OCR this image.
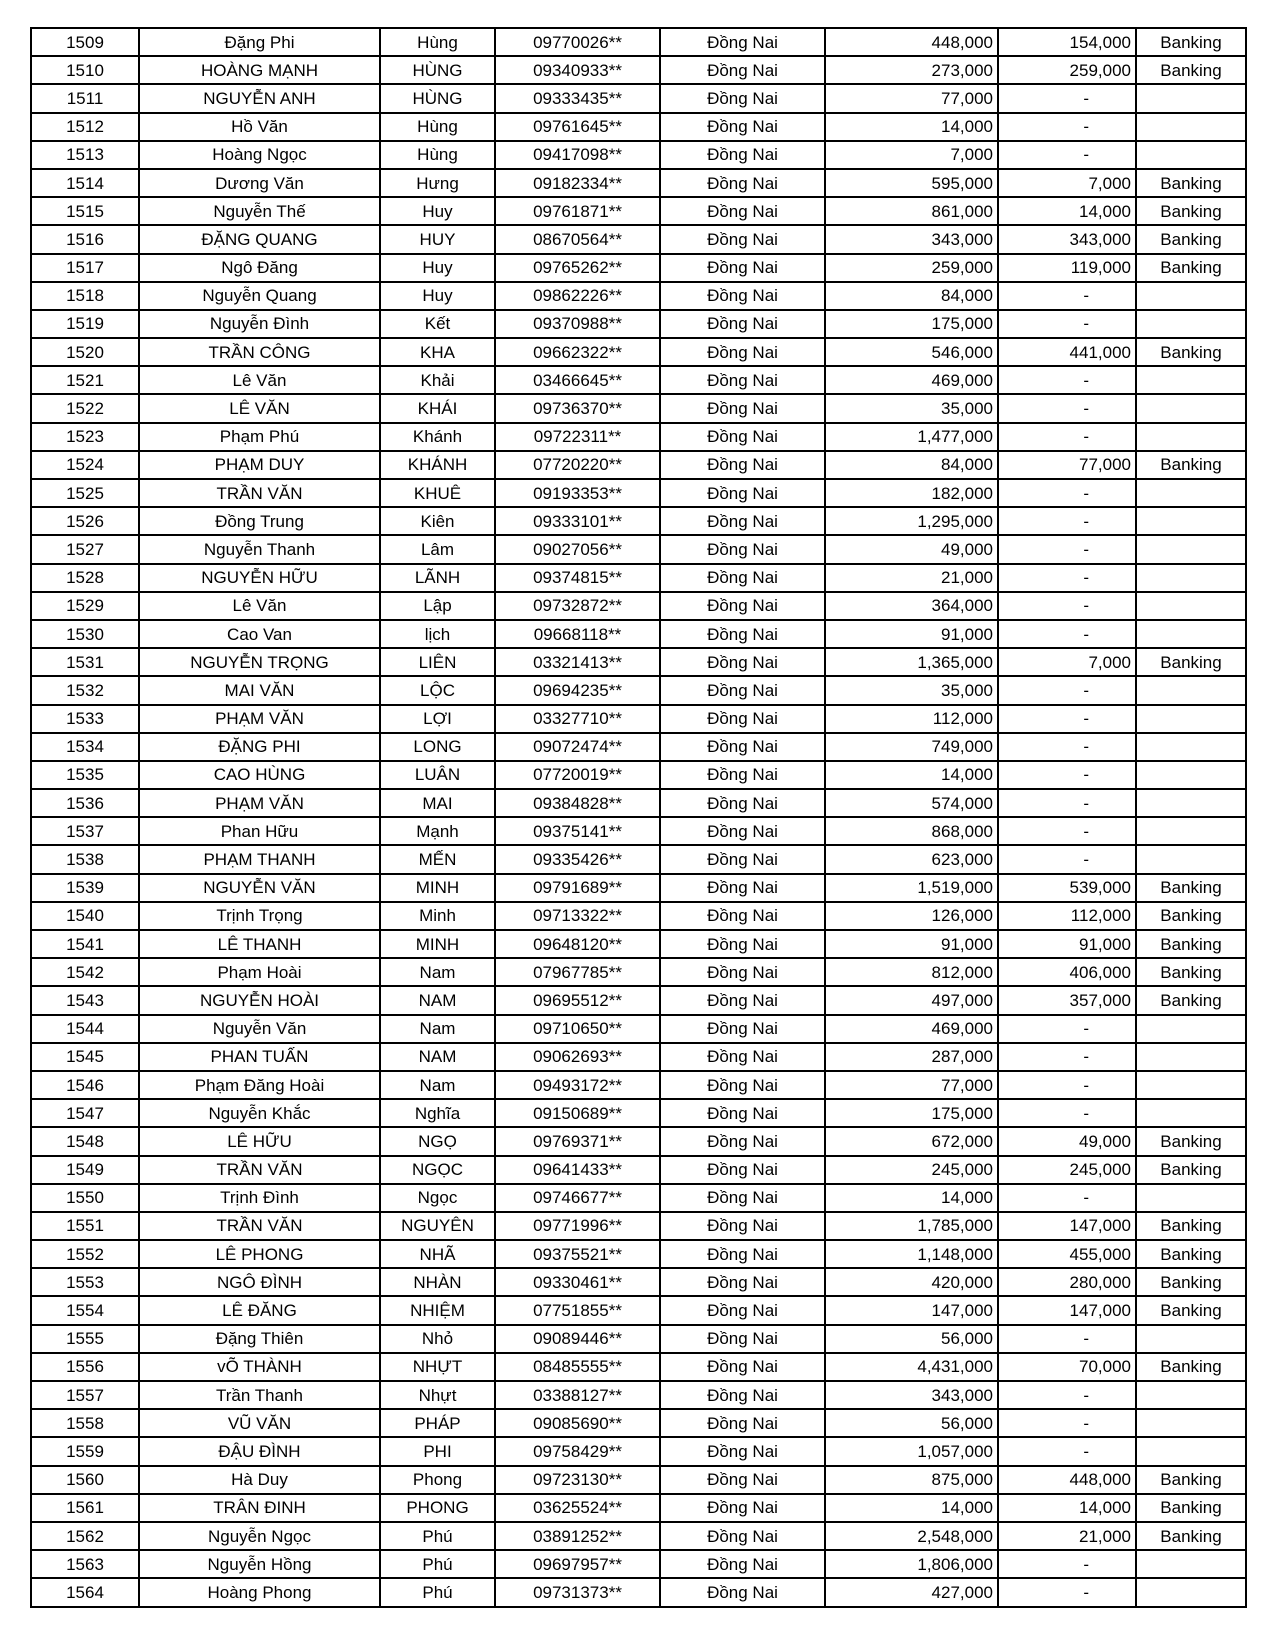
1509	Đặng Phi	Hùng	09770026**	Đồng Nai	448,000	154,000	Banking
1510	HOÀNG MẠNH	HÙNG	09340933**	Đồng Nai	273,000	259,000	Banking
1511	NGUYỄN ANH	HÙNG	09333435**	Đồng Nai	77,000	-	
1512	Hồ Văn	Hùng	09761645**	Đồng Nai	14,000	-	
1513	Hoàng Ngọc	Hùng	09417098**	Đồng Nai	7,000	-	
1514	Dương Văn	Hưng	09182334**	Đồng Nai	595,000	7,000	Banking
1515	Nguyễn Thế	Huy	09761871**	Đồng Nai	861,000	14,000	Banking
1516	ĐẶNG QUANG	HUY	08670564**	Đồng Nai	343,000	343,000	Banking
1517	Ngô Đăng	Huy	09765262**	Đồng Nai	259,000	119,000	Banking
1518	Nguyễn Quang	Huy	09862226**	Đồng Nai	84,000	-	
1519	Nguyễn Đình	Kết	09370988**	Đồng Nai	175,000	-	
1520	TRẦN CÔNG	KHA	09662322**	Đồng Nai	546,000	441,000	Banking
1521	Lê Văn	Khải	03466645**	Đồng Nai	469,000	-	
1522	LÊ VĂN	KHÁI	09736370**	Đồng Nai	35,000	-	
1523	Phạm Phú	Khánh	09722311**	Đồng Nai	1,477,000	-	
1524	PHẠM DUY	KHÁNH	07720220**	Đồng Nai	84,000	77,000	Banking
1525	TRẦN VĂN	KHUÊ	09193353**	Đồng Nai	182,000	-	
1526	Đồng Trung	Kiên	09333101**	Đồng Nai	1,295,000	-	
1527	Nguyễn Thanh	Lâm	09027056**	Đồng Nai	49,000	-	
1528	NGUYỄN HỮU	LÃNH	09374815**	Đồng Nai	21,000	-	
1529	Lê Văn	Lập	09732872**	Đồng Nai	364,000	-	
1530	Cao Van	lịch	09668118**	Đồng Nai	91,000	-	
1531	NGUYỄN TRỌNG	LIÊN	03321413**	Đồng Nai	1,365,000	7,000	Banking
1532	MAI VĂN	LỘC	09694235**	Đồng Nai	35,000	-	
1533	PHẠM VĂN	LỢI	03327710**	Đồng Nai	112,000	-	
1534	ĐẶNG PHI	LONG	09072474**	Đồng Nai	749,000	-	
1535	CAO HÙNG	LUÂN	07720019**	Đồng Nai	14,000	-	
1536	PHẠM VĂN	MAI	09384828**	Đồng Nai	574,000	-	
1537	Phan Hữu	Mạnh	09375141**	Đồng Nai	868,000	-	
1538	PHẠM THANH	MẾN	09335426**	Đồng Nai	623,000	-	
1539	NGUYỄN VĂN	MINH	09791689**	Đồng Nai	1,519,000	539,000	Banking
1540	Trịnh Trọng	Minh	09713322**	Đồng Nai	126,000	112,000	Banking
1541	LÊ THANH	MINH	09648120**	Đồng Nai	91,000	91,000	Banking
1542	Phạm Hoài	Nam	07967785**	Đồng Nai	812,000	406,000	Banking
1543	NGUYỄN HOÀI	NAM	09695512**	Đồng Nai	497,000	357,000	Banking
1544	Nguyễn Văn	Nam	09710650**	Đồng Nai	469,000	-	
1545	PHAN TUẤN	NAM	09062693**	Đồng Nai	287,000	-	
1546	Phạm Đăng Hoài	Nam	09493172**	Đồng Nai	77,000	-	
1547	Nguyễn Khắc	Nghĩa	09150689**	Đồng Nai	175,000	-	
1548	LÊ HỮU	NGỌ	09769371**	Đồng Nai	672,000	49,000	Banking
1549	TRẦN VĂN	NGỌC	09641433**	Đồng Nai	245,000	245,000	Banking
1550	Trịnh Đình	Ngọc	09746677**	Đồng Nai	14,000	-	
1551	TRẦN VĂN	NGUYÊN	09771996**	Đồng Nai	1,785,000	147,000	Banking
1552	LÊ PHONG	NHÃ	09375521**	Đồng Nai	1,148,000	455,000	Banking
1553	NGÔ ĐÌNH	NHÀN	09330461**	Đồng Nai	420,000	280,000	Banking
1554	LÊ ĐĂNG	NHIỆM	07751855**	Đồng Nai	147,000	147,000	Banking
1555	Đặng Thiên	Nhỏ	09089446**	Đồng Nai	56,000	-	
1556	vÕ THÀNH	NHỰT	08485555**	Đồng Nai	4,431,000	70,000	Banking
1557	Trần Thanh	Nhựt	03388127**	Đồng Nai	343,000	-	
1558	VŨ VĂN	PHÁP	09085690**	Đồng Nai	56,000	-	
1559	ĐẬU ĐÌNH	PHI	09758429**	Đồng Nai	1,057,000	-	
1560	Hà Duy	Phong	09723130**	Đồng Nai	875,000	448,000	Banking
1561	TRÂN ĐINH	PHONG	03625524**	Đồng Nai	14,000	14,000	Banking
1562	Nguyễn Ngọc	Phú	03891252**	Đồng Nai	2,548,000	21,000	Banking
1563	Nguyễn Hồng	Phú	09697957**	Đồng Nai	1,806,000	-	
1564	Hoàng Phong	Phú	09731373**	Đồng Nai	427,000	-	
